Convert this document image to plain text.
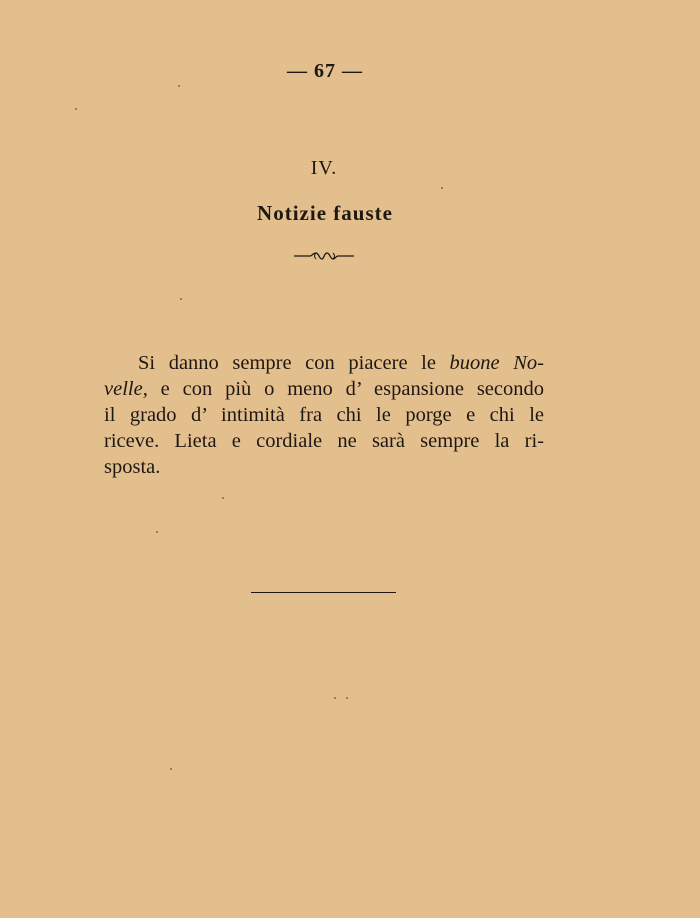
— 67 —
IV.
Notizie fauste
Si danno sempre con piacere le buone No-
velle, e con più o meno d’ espansione secondo
il grado d’ intimità fra chi le porge e chi le
riceve. Lieta e cordiale ne sarà sempre la ri-
sposta.
